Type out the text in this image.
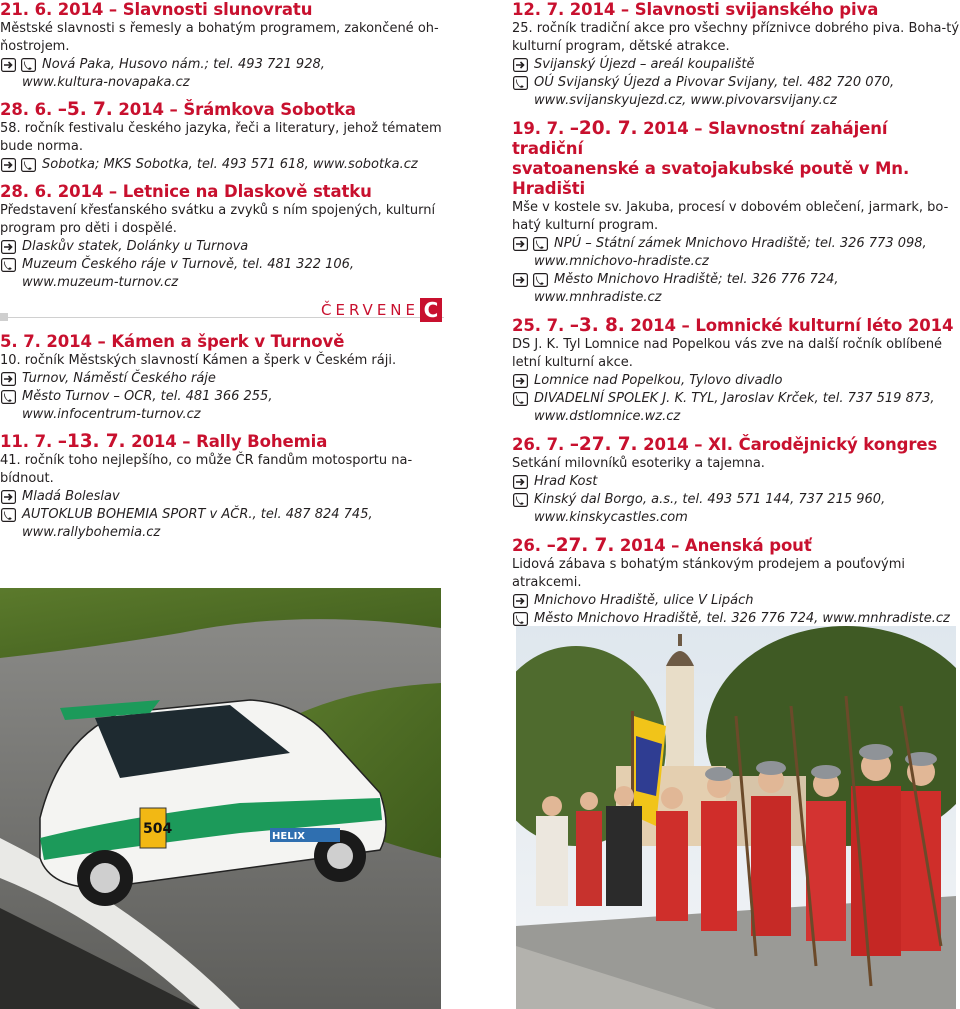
21. 6. 2014 – Slavnosti slunovratu
Městské slavnosti s řemesly a bohatým programem, zakončené oh-ňostrojem.
Nová Paka, Husovo nám.; tel. 493 721 928,
www.kultura-novapaka.cz
28. 6. –5. 7. 2014 – Šrámkova Sobotka
58. ročník festivalu českého jazyka, řeči a literatury, jehož tématem bude norma.
Sobotka; MKS Sobotka, tel. 493 571 618, www.sobotka.cz
28. 6. 2014 – Letnice na Dlaskově statku
Představení křesťanského svátku a zvyků s ním spojených, kulturní program pro děti i dospělé.
Dlaskův statek, Dolánky u Turnova
Muzeum Českého ráje v Turnově, tel. 481 322 106,
www.muzeum-turnov.cz
ČERVENE C
5. 7. 2014 – Kámen a šperk v Turnově
10. ročník Městských slavností Kámen a šperk v Českém ráji.
Turnov, Náměstí Českého ráje
Město Turnov – OCR, tel. 481 366 255,
www.infocentrum-turnov.cz
11. 7. –13. 7. 2014 – Rally Bohemia
41. ročník toho nejlepšího, co může ČR fandům motosportu na-bídnout.
Mladá Boleslav
AUTOKLUB BOHEMIA SPORT v AČR., tel. 487 824 745,
www.rallybohemia.cz
504	HELIX
12. 7. 2014 – Slavnosti svijanského piva
25. ročník tradiční akce pro všechny příznivce dobrého piva. Boha-tý kulturní program, dětské atrakce.
Svijanský Újezd – areál koupaliště
OÚ Svijanský Újezd a Pivovar Svijany, tel. 482 720 070,
www.svijanskyujezd.cz, www.pivovarsvijany.cz
19. 7. –20. 7. 2014 – Slavnostní zahájení tradiční
svatoanenské a svatojakubské poutě v Mn. Hradišti
Mše v kostele sv. Jakuba, procesí v dobovém oblečení, jarmark, bo-hatý kulturní program.
NPÚ – Státní zámek Mnichovo Hradiště; tel. 326 773 098,
www.mnichovo-hradiste.cz
Město Mnichovo Hradiště; tel. 326 776 724,
www.mnhradiste.cz
25. 7. –3. 8. 2014 – Lomnické kulturní léto 2014
DS J. K. Tyl Lomnice nad Popelkou vás zve na další ročník oblíbené letní kulturní akce.
Lomnice nad Popelkou, Tylovo divadlo
DIVADELNÍ SPOLEK J. K. TYL, Jaroslav Krček, tel. 737 519 873,
www.dstlomnice.wz.cz
26. 7. –27. 7. 2014 – XI. Čarodějnický kongres
Setkání milovníků esoteriky a tajemna.
Hrad Kost
Kinský dal Borgo, a.s., tel. 493 571 144, 737 215 960,
www.kinskycastles.com
26. –27. 7. 2014 – Anenská pouť
Lidová zábava s bohatým stánkovým prodejem a pouťovými atrakcemi.
Mnichovo Hradiště, ulice V Lipách
Město Mnichovo Hradiště, tel. 326 776 724, www.mnhradiste.cz
